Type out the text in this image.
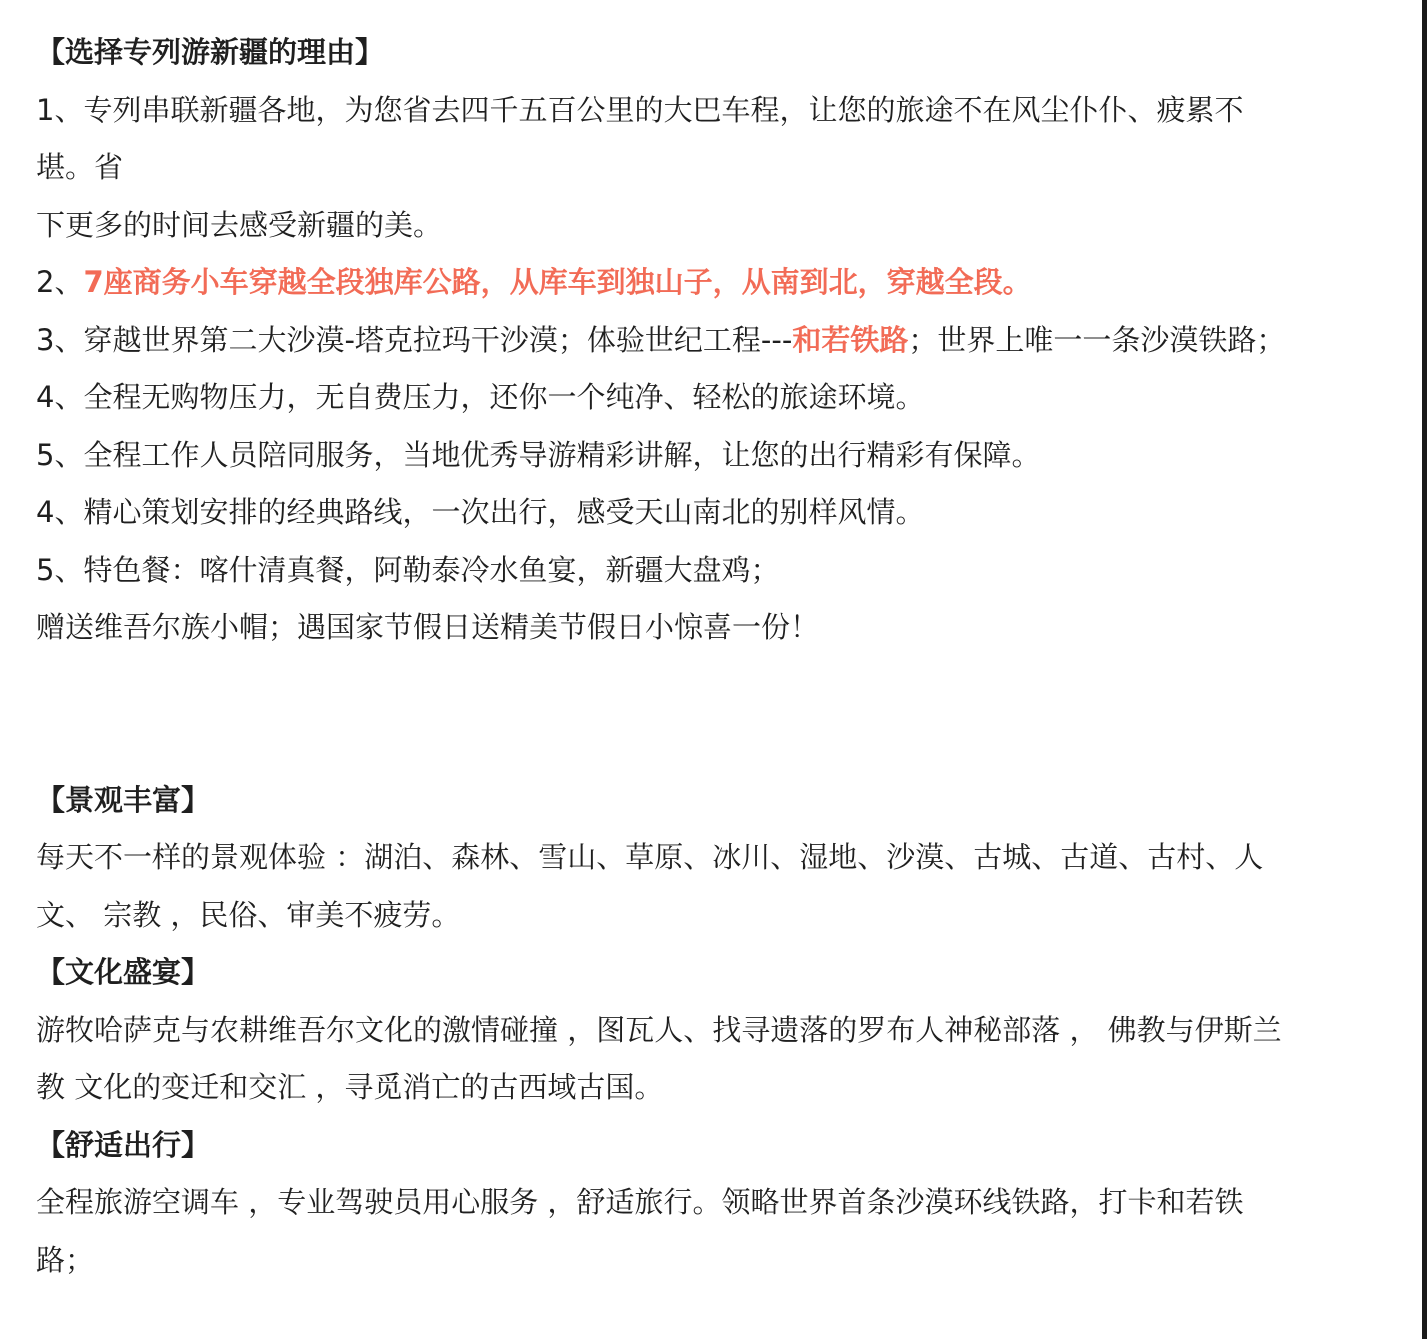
【选择专列游新疆的理由】
1、专列串联新疆各地，为您省去四千五百公里的大巴车程，让您的旅途不在风尘仆仆、疲累不
堪。省
下更多的时间去感受新疆的美。
2、7座商务小车穿越全段独库公路，从库车到独山子，从南到北，穿越全段。
3、穿越世界第二大沙漠-塔克拉玛干沙漠；体验世纪工程---和若铁路；世界上唯一一条沙漠铁路；
4、全程无购物压力，无自费压力，还你一个纯净、轻松的旅途环境。
5、全程工作人员陪同服务，当地优秀导游精彩讲解，让您的出行精彩有保障。
4、精心策划安排的经典路线，一次出行，感受天山南北的别样风情。
5、特色餐：喀什清真餐，阿勒泰冷水鱼宴，新疆大盘鸡；
赠送维吾尔族小帽；遇国家节假日送精美节假日小惊喜一份！
【景观丰富】
每天不一样的景观体验 ：湖泊、森林、雪山、草原、冰川、湿地、沙漠、古城、古道、古村、人
文、 宗教 ，民俗、审美不疲劳。
【文化盛宴】
游牧哈萨克与农耕维吾尔文化的激情碰撞 ，图瓦人、找寻遗落的罗布人神秘部落 ， 佛教与伊斯兰
教 文化的变迁和交汇 ，寻觅消亡的古西域古国。
【舒适出行】
全程旅游空调车 ，专业驾驶员用心服务 ，舒适旅行。领略世界首条沙漠环线铁路，打卡和若铁
路；
